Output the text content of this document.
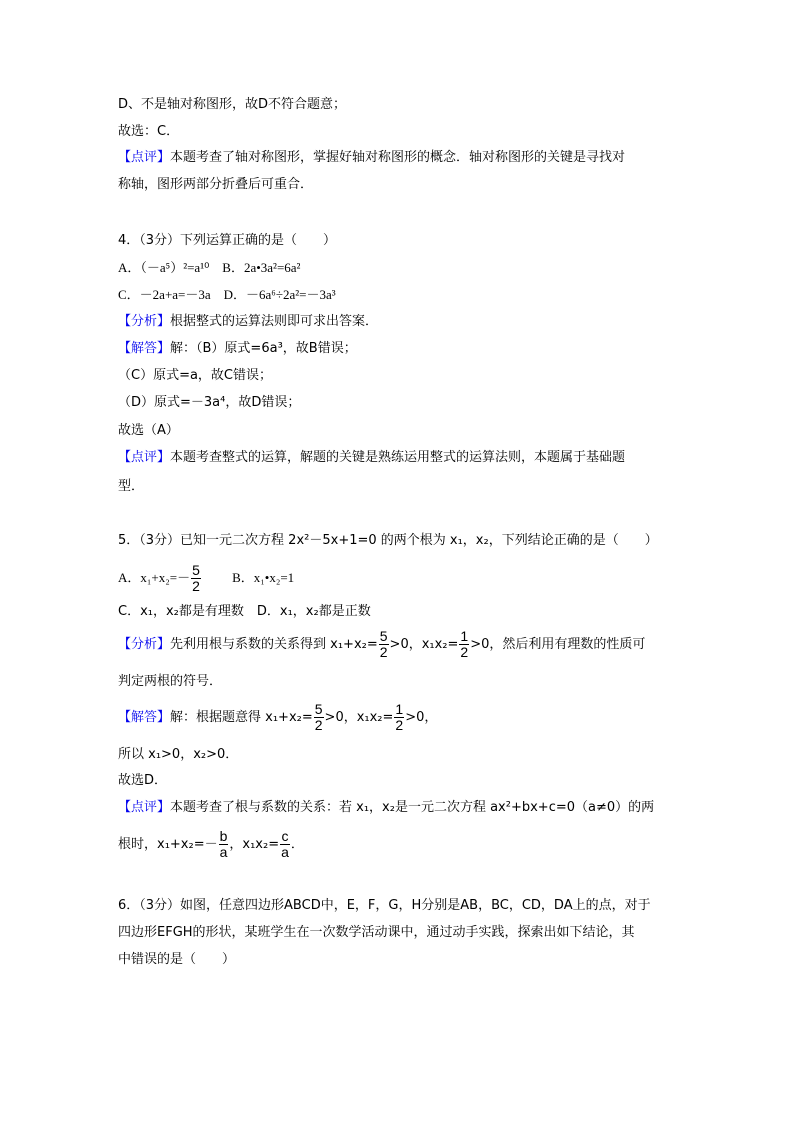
D、不是轴对称图形，故D不符合题意；
故选：C．
【点评】本题考查了轴对称图形，掌握好轴对称图形的概念．轴对称图形的关键是寻找对
称轴，图形两部分折叠后可重合．
4．（3分）下列运算正确的是（　　）
A．（－a⁵）²=a¹⁰　B．2a•3a²=6a²
C．－2a+a=－3a　D．－6a⁶÷2a²=－3a³
【分析】根据整式的运算法则即可求出答案．
【解答】解：（B）原式=6a³，故B错误；
（C）原式=a，故C错误；
（D）原式=－3a⁴，故D错误；
故选（A）
【点评】本题考查整式的运算，解题的关键是熟练运用整式的运算法则，本题属于基础题
型．
5．（3分）已知一元二次方程 2x²－5x+1=0 的两个根为 x₁，x₂，下列结论正确的是（　　）
A．$x_1+x_2=- \frac{5}{2}$ B．x₁•x₂=1
C．x₁，x₂都是有理数　D．x₁，x₂都是正数
【分析】先利用根与系数的关系得到 $x_1+x_2= \frac{5}{2} >0$，$x_1x_2= \frac{1}{2} >0$，然后利用有理数的性质可
判定两根的符号．
【解答】解：根据题意得 $x_1+x_2= \frac{5}{2} >0$，$x_1x_2= \frac{1}{2} >0$，
所以 x₁>0，x₂>0．
故选D．
【点评】本题考查了根与系数的关系：若 x₁，x₂是一元二次方程 ax²+bx+c=0（a≠0）的两
根时，$x_1+x_2=- \frac{b}{a}$ ，$x_1x_2= \frac{c}{a}$ ．
6．（3分）如图，任意四边形ABCD中，E，F，G，H分别是AB，BC，CD，DA上的点，对于
四边形EFGH的形状，某班学生在一次数学活动课中，通过动手实践，探索出如下结论，其
中错误的是（　　）
